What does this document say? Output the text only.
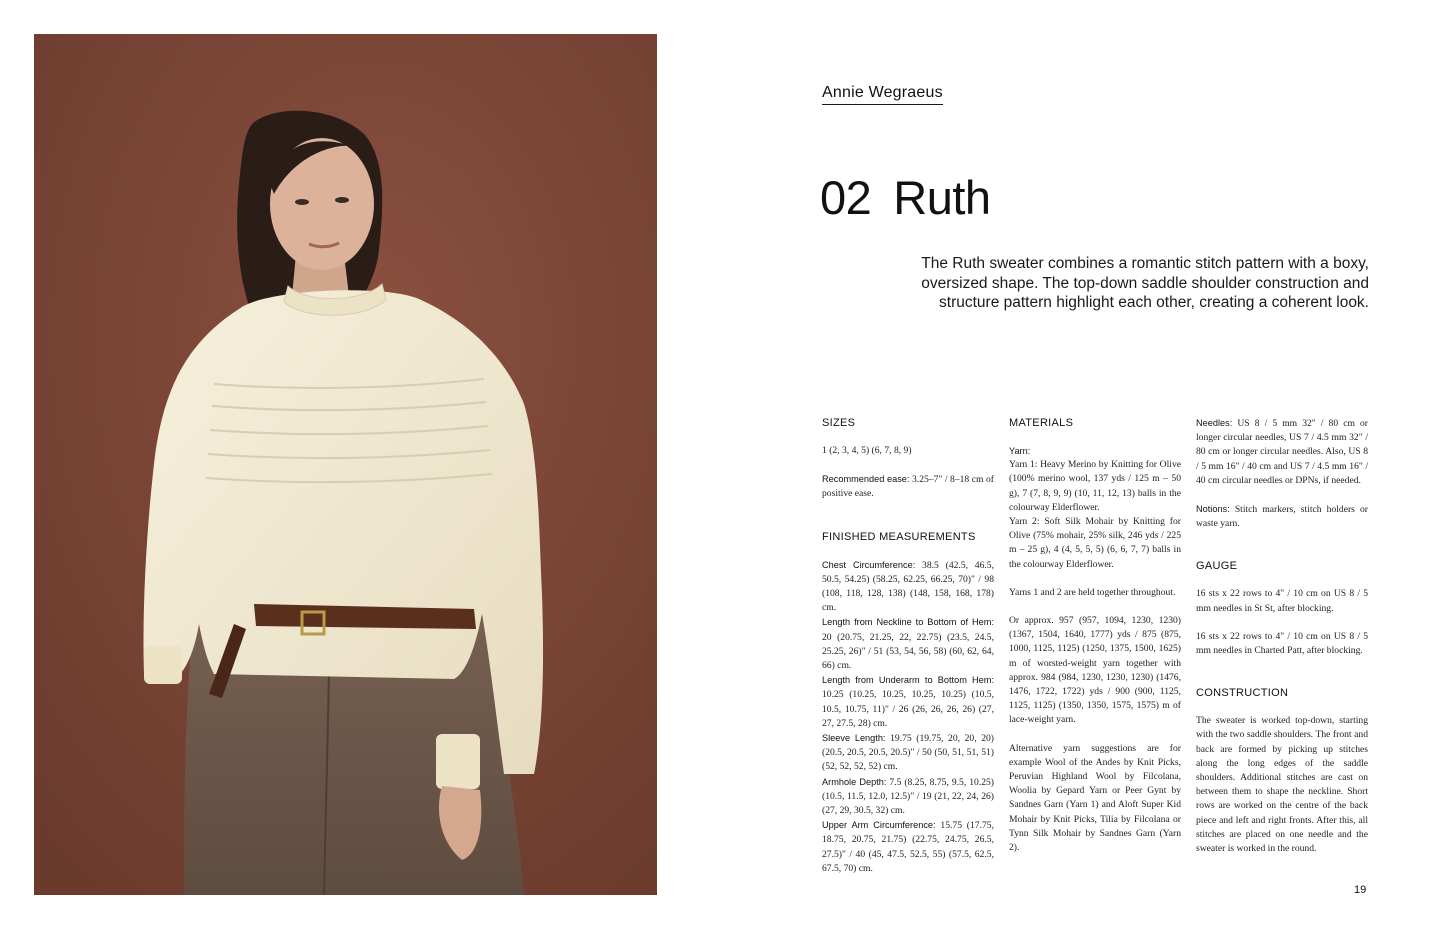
Annie Wegraeus
02 Ruth
The Ruth sweater combines a romantic stitch pattern with a boxy, oversized shape. The top-down saddle shoulder construction and structure pattern highlight each other, creating a coherent look.
SIZES
1 (2, 3, 4, 5) (6, 7, 8, 9)
Recommended ease: 3.25–7" / 8–18 cm of positive ease.
FINISHED MEASUREMENTS
Chest Circumference: 38.5 (42.5, 46.5, 50.5, 54.25) (58.25, 62.25, 66.25, 70)" / 98 (108, 118, 128, 138) (148, 158, 168, 178) cm.
Length from Neckline to Bottom of Hem: 20 (20.75, 21.25, 22, 22.75) (23.5, 24.5, 25.25, 26)" / 51 (53, 54, 56, 58) (60, 62, 64, 66) cm.
Length from Underarm to Bottom Hem: 10.25 (10.25, 10.25, 10.25, 10.25) (10.5, 10.5, 10.75, 11)" / 26 (26, 26, 26, 26) (27, 27, 27.5, 28) cm.
Sleeve Length: 19.75 (19.75, 20, 20, 20) (20.5, 20.5, 20.5, 20.5)" / 50 (50, 51, 51, 51) (52, 52, 52, 52) cm.
Armhole Depth: 7.5 (8.25, 8.75, 9.5, 10.25) (10.5, 11.5, 12.0, 12.5)" / 19 (21, 22, 24, 26) (27, 29, 30.5, 32) cm.
Upper Arm Circumference: 15.75 (17.75, 18.75, 20.75, 21.75) (22.75, 24.75, 26.5, 27.5)" / 40 (45, 47.5, 52.5, 55) (57.5, 62.5, 67.5, 70) cm.
MATERIALS
Yarn:
Yarn 1: Heavy Merino by Knitting for Olive (100% merino wool, 137 yds / 125 m – 50 g), 7 (7, 8, 9, 9) (10, 11, 12, 13) balls in the colourway Elderflower.
Yarn 2: Soft Silk Mohair by Knitting for Olive (75% mohair, 25% silk, 246 yds / 225 m – 25 g), 4 (4, 5, 5, 5) (6, 6, 7, 7) balls in the colourway Elderflower.
Yarns 1 and 2 are held together throughout.
Or approx. 957 (957, 1094, 1230, 1230) (1367, 1504, 1640, 1777) yds / 875 (875, 1000, 1125, 1125) (1250, 1375, 1500, 1625) m of worsted-weight yarn together with approx. 984 (984, 1230, 1230, 1230) (1476, 1476, 1722, 1722) yds / 900 (900, 1125, 1125, 1125) (1350, 1350, 1575, 1575) m of lace-weight yarn.
Alternative yarn suggestions are for example Wool of the Andes by Knit Picks, Peruvian Highland Wool by Filcolana, Woolia by Gepard Yarn or Peer Gynt by Sandnes Garn (Yarn 1) and Aloft Super Kid Mohair by Knit Picks, Tilia by Filcolana or Tynn Silk Mohair by Sandnes Garn (Yarn 2).
Needles: US 8 / 5 mm 32" / 80 cm or longer circular needles, US 7 / 4.5 mm 32" / 80 cm or longer circular needles. Also, US 8 / 5 mm 16" / 40 cm and US 7 / 4.5 mm 16" / 40 cm circular needles or DPNs, if needed.
Notions: Stitch markers, stitch holders or waste yarn.
GAUGE
16 sts x 22 rows to 4" / 10 cm on US 8 / 5 mm needles in St St, after blocking.
16 sts x 22 rows to 4" / 10 cm on US 8 / 5 mm needles in Charted Patt, after blocking.
CONSTRUCTION
The sweater is worked top-down, starting with the two saddle shoulders. The front and back are formed by picking up stitches along the long edges of the saddle shoulders. Additional stitches are cast on between them to shape the neckline. Short rows are worked on the centre of the back piece and left and right fronts. After this, all stitches are placed on one needle and the sweater is worked in the round.
19
